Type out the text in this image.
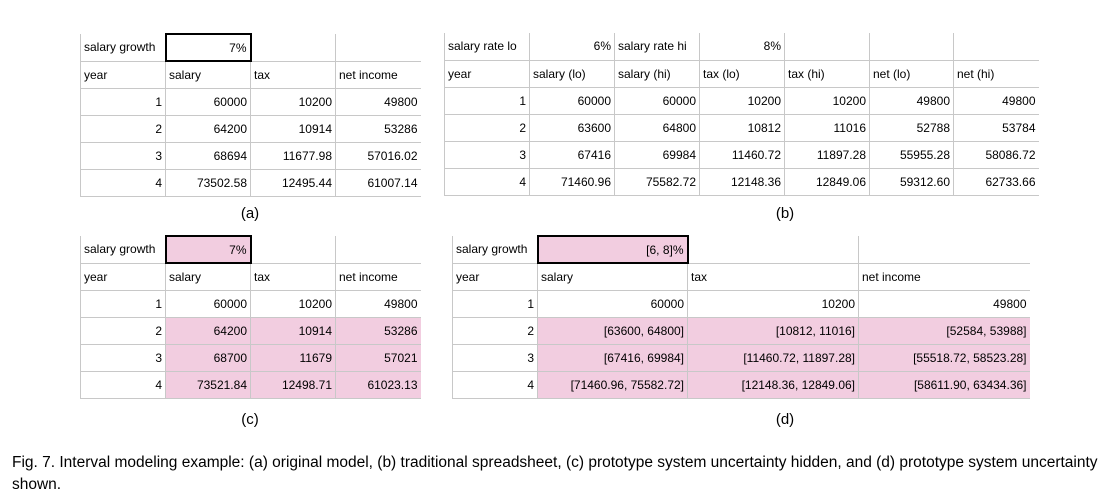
salary growth	7%		
year	salary	tax	net income
1	60000	10200	49800
2	64200	10914	53286
3	68694	11677.98	57016.02
4	73502.58	12495.44	61007.14
(a)
salary rate lo	6%	salary rate hi	8%			
year	salary (lo)	salary (hi)	tax (lo)	tax (hi)	net (lo)	net (hi)
1	60000	60000	10200	10200	49800	49800
2	63600	64800	10812	11016	52788	53784
3	67416	69984	11460.72	11897.28	55955.28	58086.72
4	71460.96	75582.72	12148.36	12849.06	59312.60	62733.66
(b)
salary growth	7%		
year	salary	tax	net income
1	60000	10200	49800
2	64200	10914	53286
3	68700	11679	57021
4	73521.84	12498.71	61023.13
(c)
salary growth	[6, 8]%		
year	salary	tax	net income
1	60000	10200	49800
2	[63600, 64800]	[10812, 11016]	[52584, 53988]
3	[67416, 69984]	[11460.72, 11897.28]	[55518.72, 58523.28]
4	[71460.96, 75582.72]	[12148.36, 12849.06]	[58611.90, 63434.36]
(d)
Fig. 7. Interval modeling example: (a) original model, (b) traditional spreadsheet, (c) prototype system uncertainty hidden, and (d) prototype system uncertainty shown.
